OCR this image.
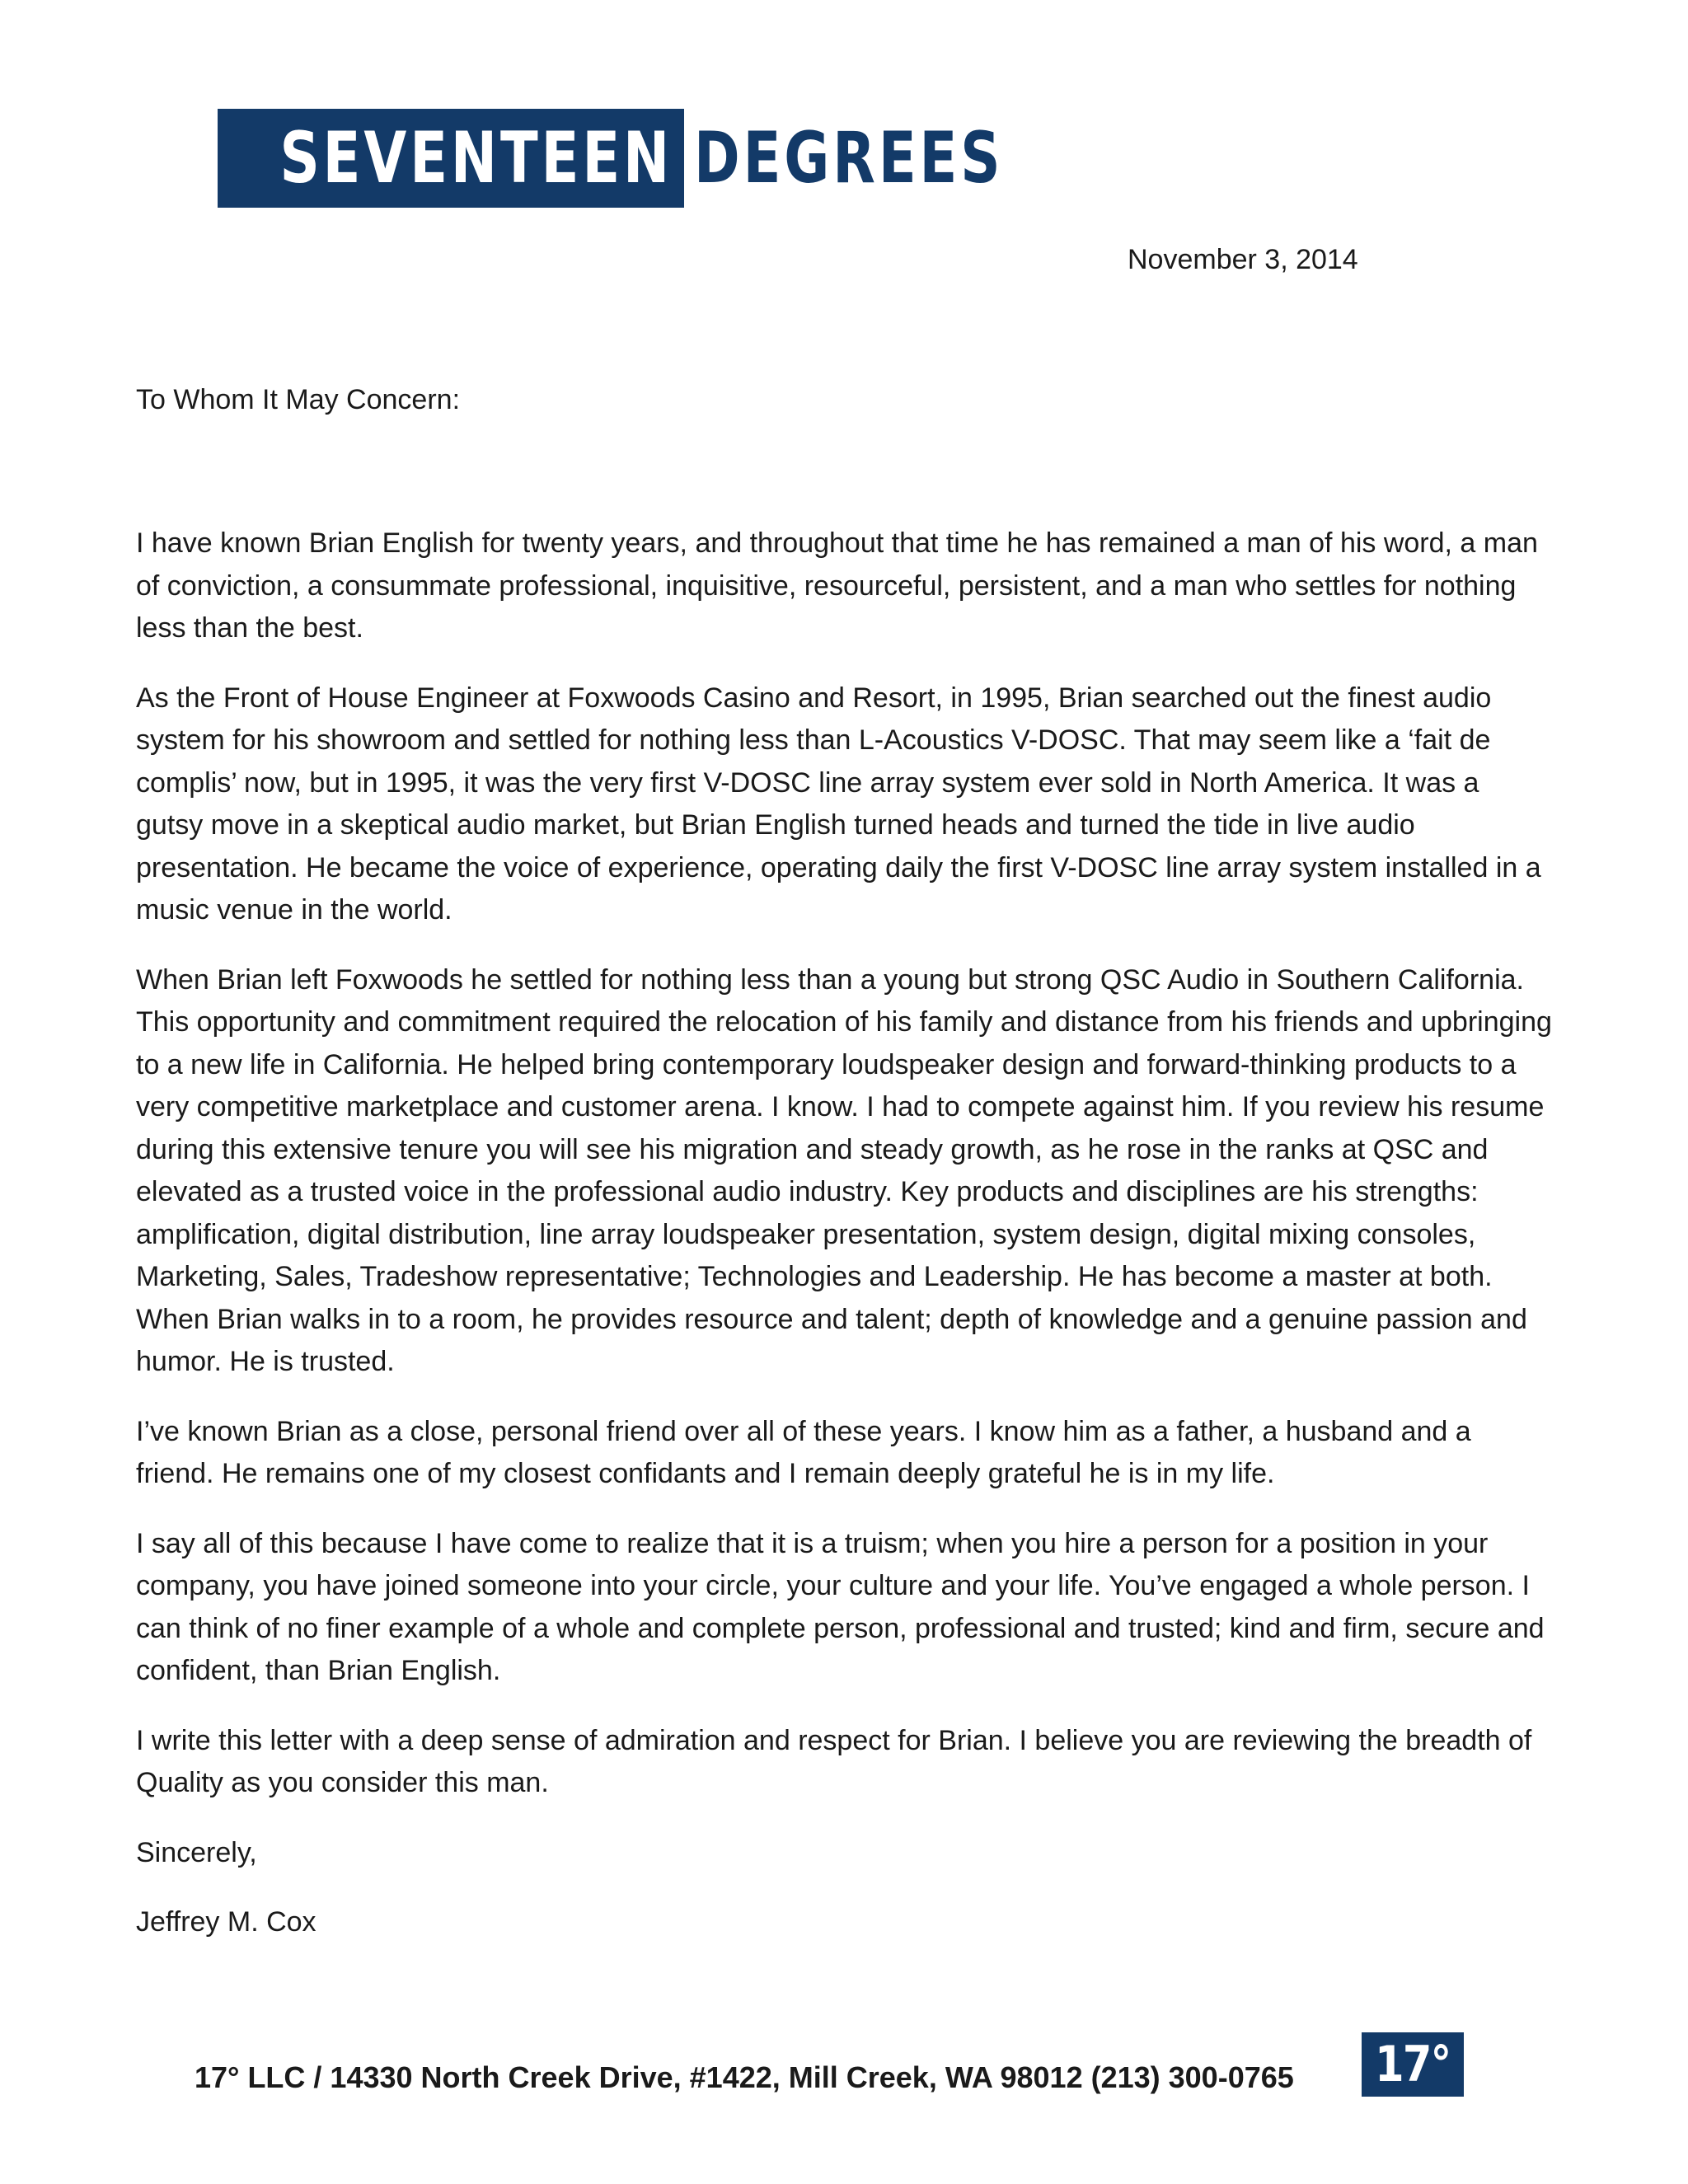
SEVENTEEN DEGREES
November 3, 2014
To Whom It May Concern:

I have known Brian English for twenty years, and throughout that time he has remained a man of his word, a man of conviction, a consummate professional, inquisitive, resourceful, persistent, and a man who settles for nothing less than the best.

As the Front of House Engineer at Foxwoods Casino and Resort, in 1995, Brian searched out the finest audio system for his showroom and settled for nothing less than L-Acoustics V-DOSC. That may seem like a ‘fait de complis’ now, but in 1995, it was the very first V-DOSC line array system ever sold in North America. It was a gutsy move in a skeptical audio market, but Brian English turned heads and turned the tide in live audio presentation. He became the voice of experience, operating daily the first V-DOSC line array system installed in a music venue in the world.

When Brian left Foxwoods he settled for nothing less than a young but strong QSC Audio in Southern California. This opportunity and commitment required the relocation of his family and distance from his friends and upbringing to a new life in California. He helped bring contemporary loudspeaker design and forward-thinking products to a very competitive marketplace and customer arena. I know. I had to compete against him. If you review his resume during this extensive tenure you will see his migration and steady growth, as he rose in the ranks at QSC and elevated as a trusted voice in the professional audio industry. Key products and disciplines are his strengths: amplification, digital distribution, line array loudspeaker presentation, system design, digital mixing consoles, Marketing, Sales, Tradeshow representative; Technologies and Leadership. He has become a master at both. When Brian walks in to a room, he provides resource and talent; depth of knowledge and a genuine passion and humor. He is trusted.

I’ve known Brian as a close, personal friend over all of these years. I know him as a father, a husband and a friend. He remains one of my closest confidants and I remain deeply grateful he is in my life.

I say all of this because I have come to realize that it is a truism; when you hire a person for a position in your company, you have joined someone into your circle, your culture and your life. You’ve engaged a whole person. I can think of no finer example of a whole and complete person, professional and trusted; kind and firm, secure and confident, than Brian English.

I write this letter with a deep sense of admiration and respect for Brian. I believe you are reviewing the breadth of Quality as you consider this man.

Sincerely,

Jeffrey M. Cox

17° LLC / 14330 North Creek Drive, #1422, Mill Creek, WA 98012 (213) 300-0765 17°
